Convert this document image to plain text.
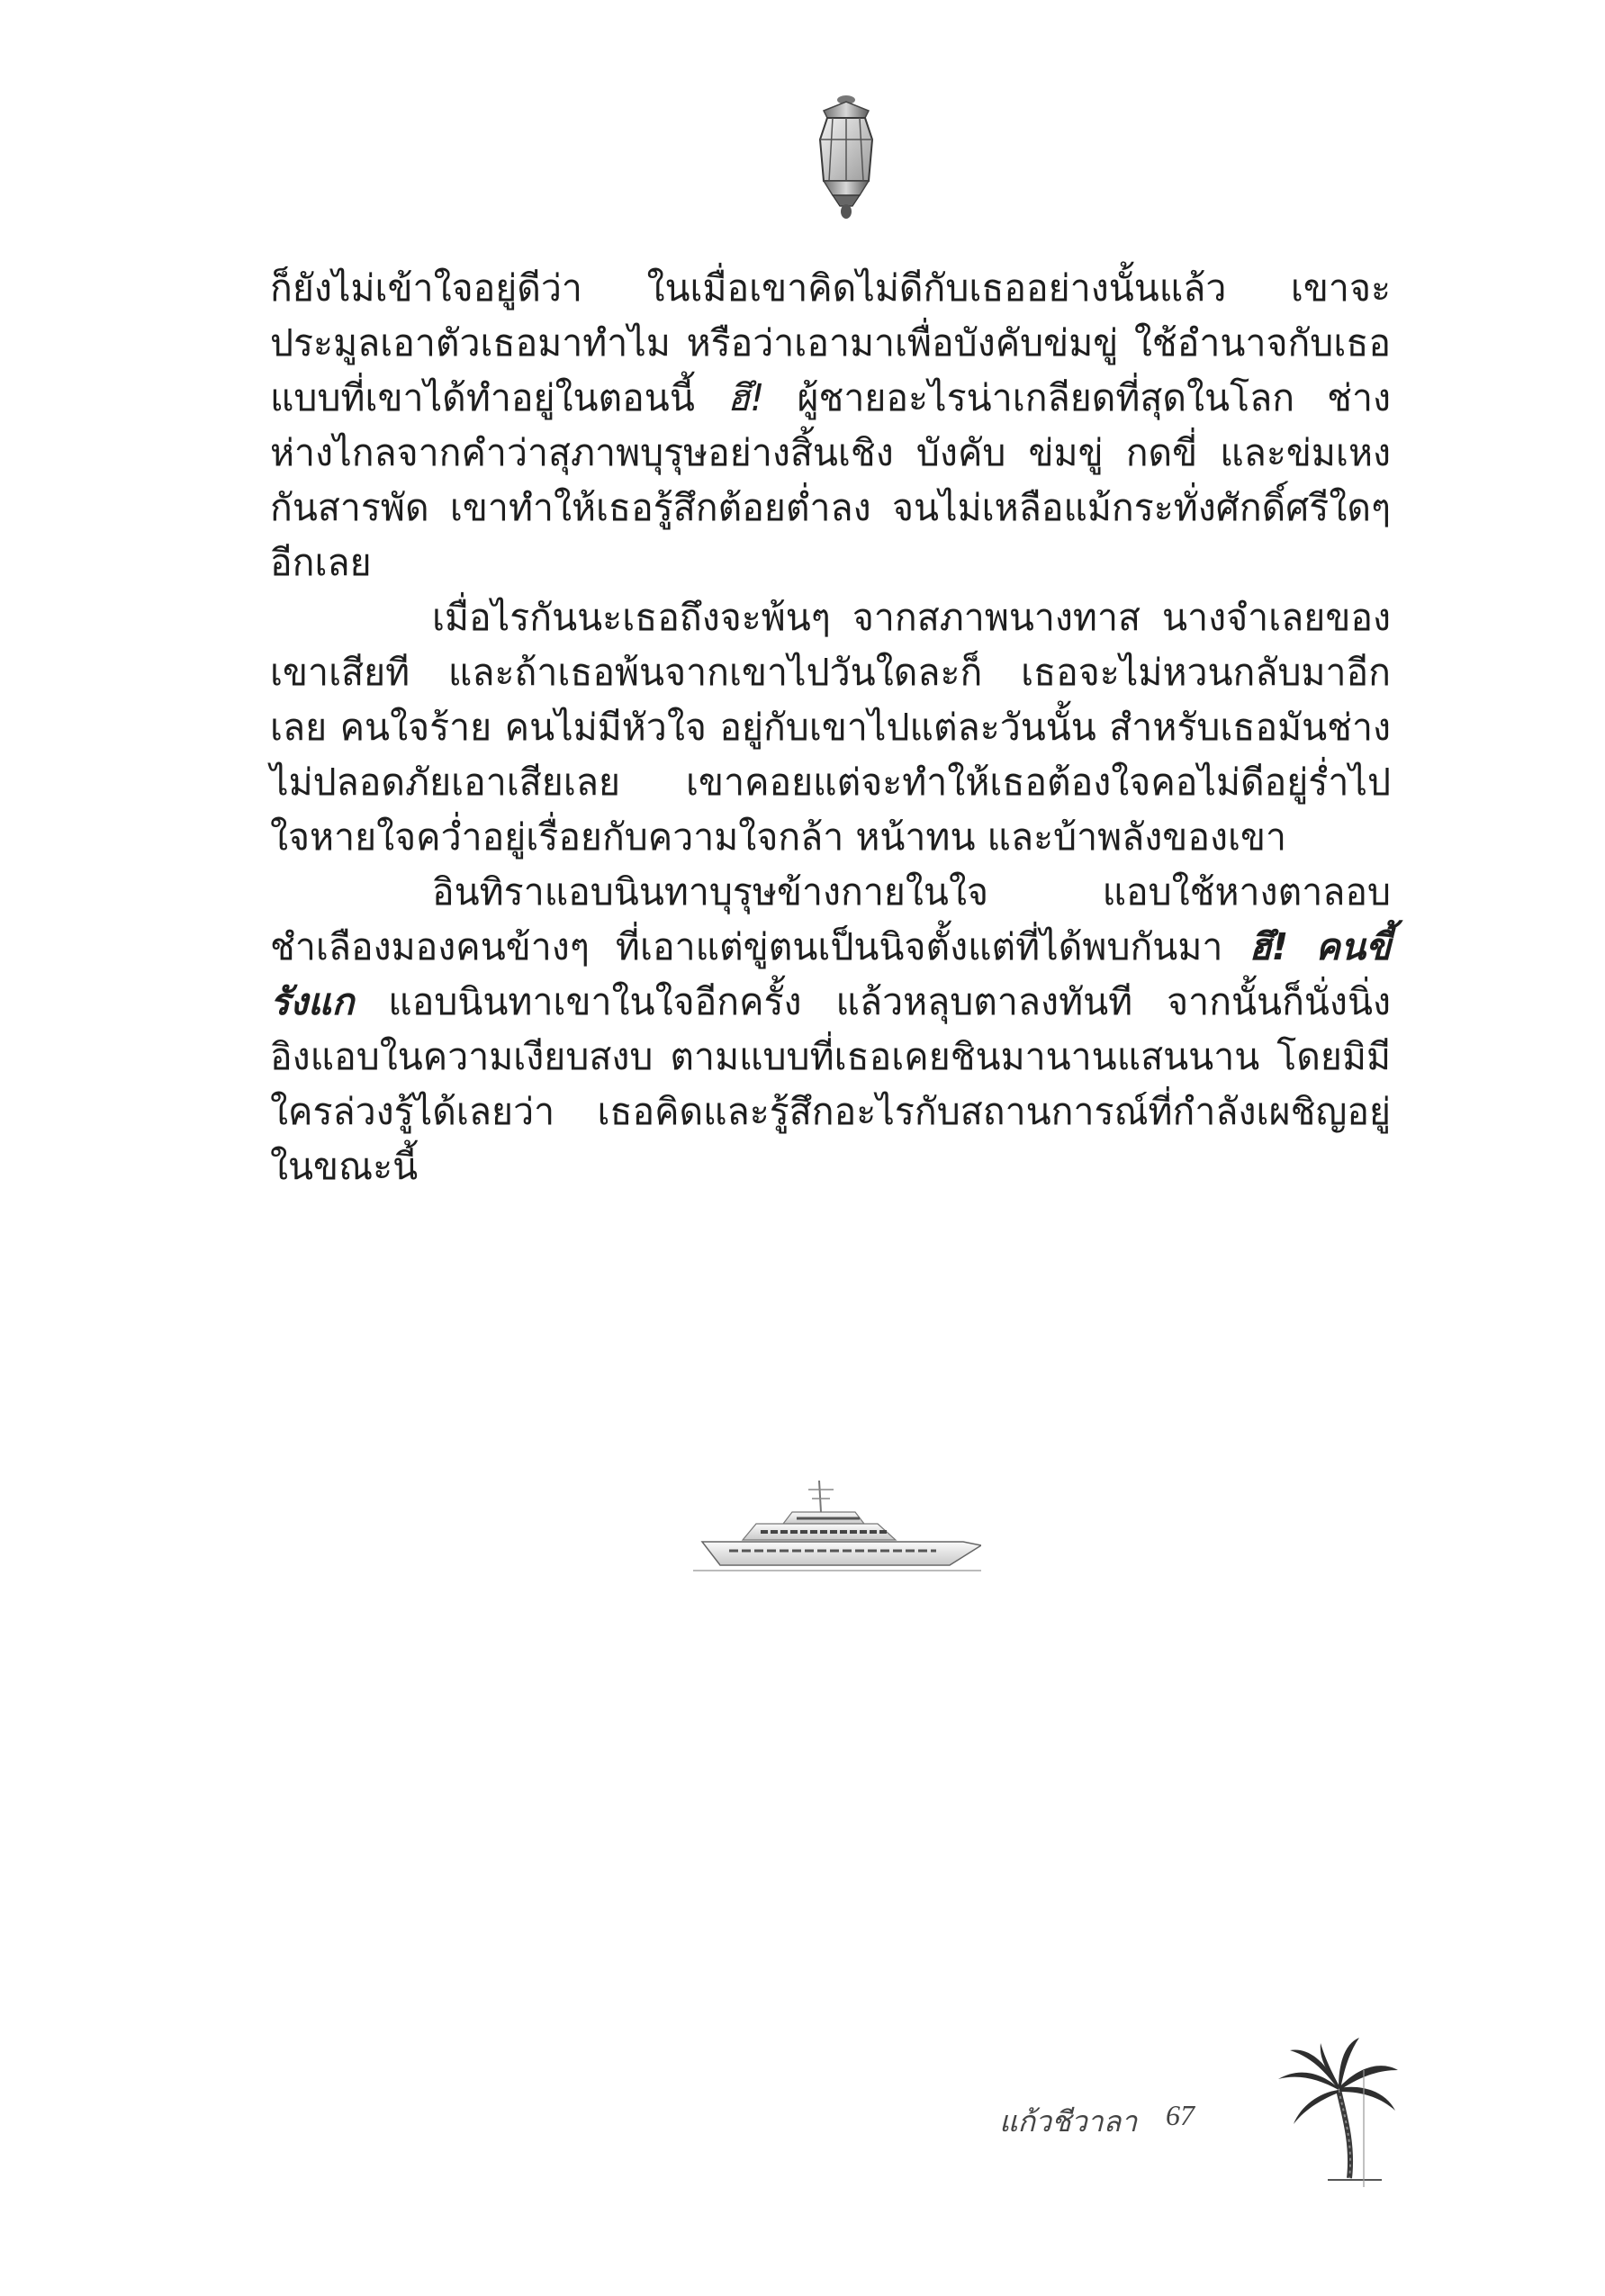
ก็ยังไม่เข้าใจอยู่ดีว่า ในเมื่อเขาคิดไม่ดีกับเธออย่างนั้นแล้ว เขาจะประมูลเอาตัวเธอมาทำไม หรือว่าเอามาเพื่อบังคับข่มขู่ ใช้อำนาจกับเธอแบบที่เขาได้ทำอยู่ในตอนนี้ ฮึ! ผู้ชายอะไรน่าเกลียดที่สุดในโลก ช่างห่างไกลจากคำว่าสุภาพบุรุษอย่างสิ้นเชิง บังคับ ข่มขู่ กดขี่ และข่มเหงกันสารพัด เขาทำให้เธอรู้สึกต้อยต่ำลง จนไม่เหลือแม้กระทั่งศักดิ์ศรีใดๆ อีกเลย

เมื่อไรกันนะเธอถึงจะพ้นๆ จากสภาพนางทาส นางจำเลยของเขาเสียที และถ้าเธอพ้นจากเขาไปวันใดละก็ เธอจะไม่หวนกลับมาอีกเลย คนใจร้าย คนไม่มีหัวใจ อยู่กับเขาไปแต่ละวันนั้น สำหรับเธอมันช่างไม่ปลอดภัยเอาเสียเลย เขาคอยแต่จะทำให้เธอต้องใจคอไม่ดีอยู่ร่ำไป ใจหายใจคว่ำอยู่เรื่อยกับความใจกล้า หน้าทน และบ้าพลังของเขา

อินทิราแอบนินทาบุรุษข้างกายในใจ แอบใช้หางตาลอบชำเลืองมองคนข้างๆ ที่เอาแต่ขู่ตนเป็นนิจตั้งแต่ที่ได้พบกันมา ฮึ! คนขี้รังแก แอบนินทาเขาในใจอีกครั้ง แล้วหลุบตาลงทันที จากนั้นก็นั่งนิ่งอิงแอบในความเงียบสงบ ตามแบบที่เธอเคยชินมานานแสนนาน โดยมิมีใครล่วงรู้ได้เลยว่า เธอคิดและรู้สึกอะไรกับสถานการณ์ที่กำลังเผชิญอยู่ในขณะนี้

แก้วชีวาลา 67
